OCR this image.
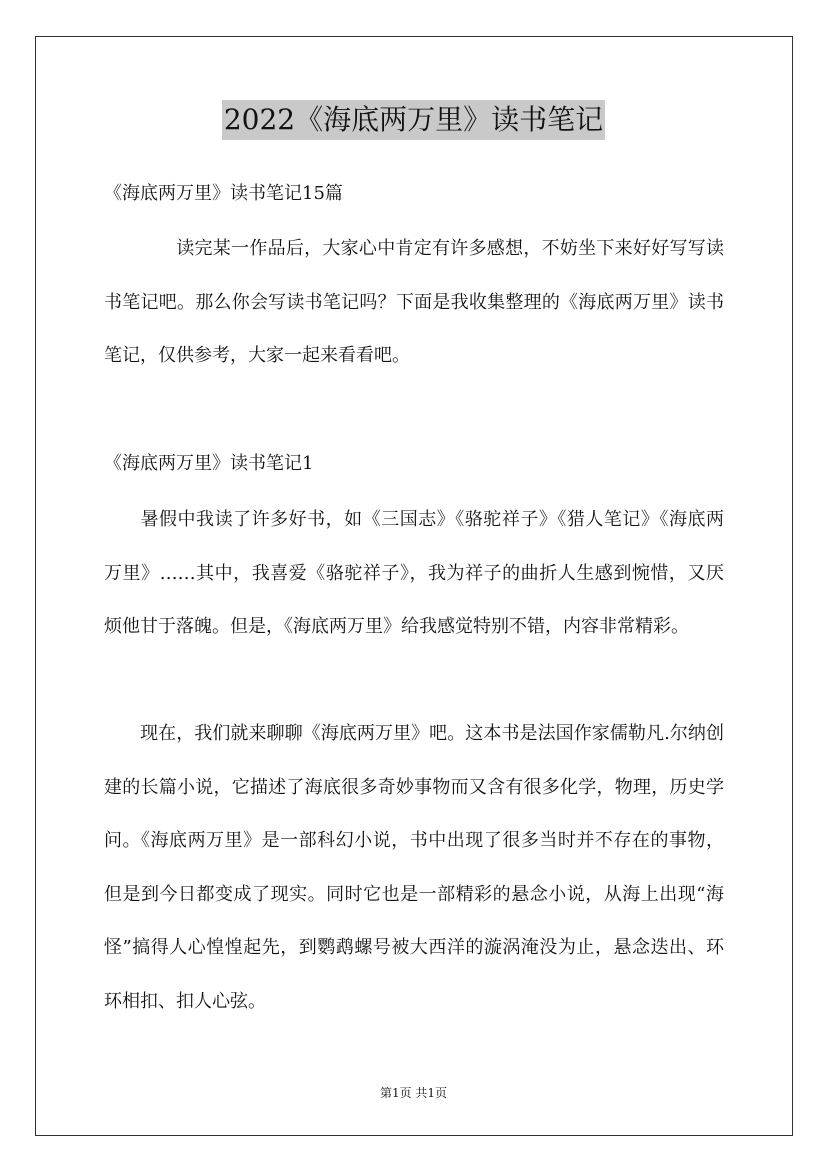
2022《海底两万里》读书笔记
《海底两万里》读书笔记15篇

读完某一作品后，大家心中肯定有许多感想，不妨坐下来好好写写读书笔记吧。那么你会写读书笔记吗？下面是我收集整理的《海底两万里》读书笔记，仅供参考，大家一起来看看吧。

《海底两万里》读书笔记1

暑假中我读了许多好书，如《三国志》《骆驼祥子》《猎人笔记》《海底两万里》……其中，我喜爱《骆驼祥子》，我为祥子的曲折人生感到惋惜，又厌烦他甘于落魄。但是，《海底两万里》给我感觉特别不错，内容非常精彩。

现在，我们就来聊聊《海底两万里》吧。这本书是法国作家儒勒凡.尔纳创建的长篇小说，它描述了海底很多奇妙事物而又含有很多化学，物理，历史学问。《海底两万里》是一部科幻小说，书中出现了很多当时并不存在的事物，但是到今日都变成了现实。同时它也是一部精彩的悬念小说，从海上出现“海怪”搞得人心惶惶起先，到鹦鹉螺号被大西洋的漩涡淹没为止，悬念迭出、环环相扣、扣人心弦。

第1页 共1页
